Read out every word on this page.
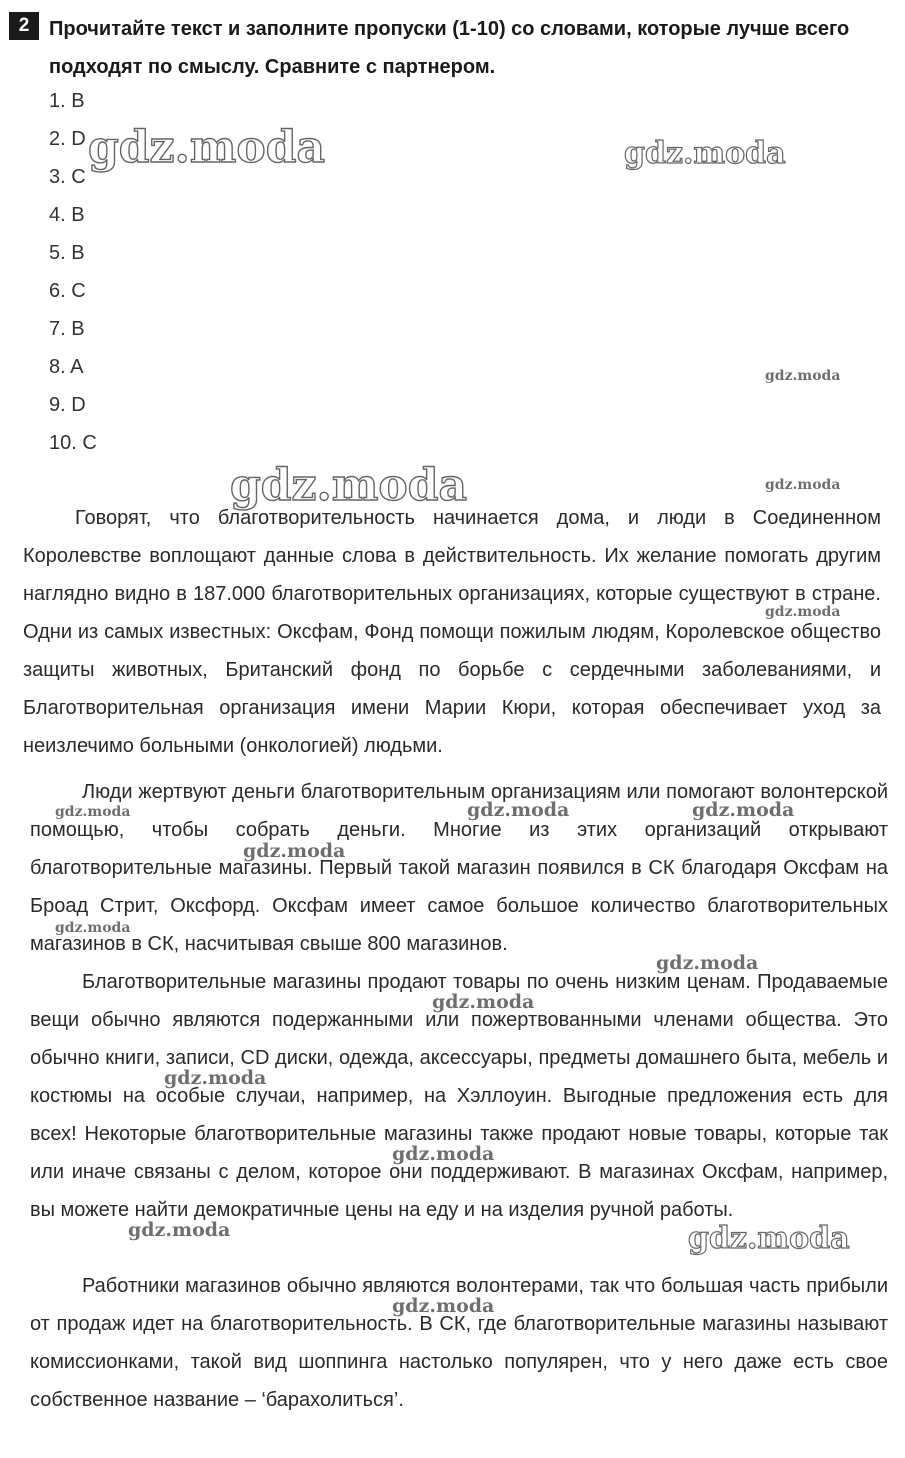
2 Прочитайте текст и заполните пропуски (1-10) со словами, которые лучше всего подходят по смыслу. Сравните с партнером.
1. B
2. D
3. C
4. B
5. B
6. C
7. B
8. A
9. D
10. C

Говорят, что благотворительность начинается дома, и люди в Соединенном Королевстве воплощают данные слова в действительность. Их желание помогать другим наглядно видно в 187.000 благотворительных организациях, которые существуют в стране. Одни из самых известных: Оксфам, Фонд помощи пожилым людям, Королевское общество защиты животных, Британский фонд по борьбе с сердечными заболеваниями, и Благотворительная организация имени Марии Кюри, которая обеспечивает уход за неизлечимо больными (онкологией) людьми.

Люди жертвуют деньги благотворительным организациям или помогают волонтерской помощью, чтобы собрать деньги. Многие из этих организаций открывают благотворительные магазины. Первый такой магазин появился в СК благодаря Оксфам на Броад Стрит, Оксфорд. Оксфам имеет самое большое количество благотворительных магазинов в СК, насчитывая свыше 800 магазинов.

Благотворительные магазины продают товары по очень низким ценам. Продаваемые вещи обычно являются подержанными или пожертвованными членами общества. Это обычно книги, записи, CD диски, одежда, аксессуары, предметы домашнего быта, мебель и костюмы на особые случаи, например, на Хэллоуин. Выгодные предложения есть для всех! Некоторые благотворительные магазины также продают новые товары, которые так или иначе связаны с делом, которое они поддерживают. В магазинах Оксфам, например, вы можете найти демократичные цены на еду и на изделия ручной работы.

Работники магазинов обычно являются волонтерами, так что большая часть прибыли от продаж идет на благотворительность. В СК, где благотворительные магазины называют комиссионками, такой вид шоппинга настолько популярен, что у него даже есть свое собственное название – ‘барахолиться’.

gdz.moda	gdz.moda
gdz.moda
gdz.moda	gdz.moda
gdz.moda
gdz.moda	gdz.moda	gdz.moda
gdz.moda
gdz.moda
gdz.moda
gdz.moda
gdz.moda
gdz.moda
gdz.moda	gdz.moda
gdz.moda
